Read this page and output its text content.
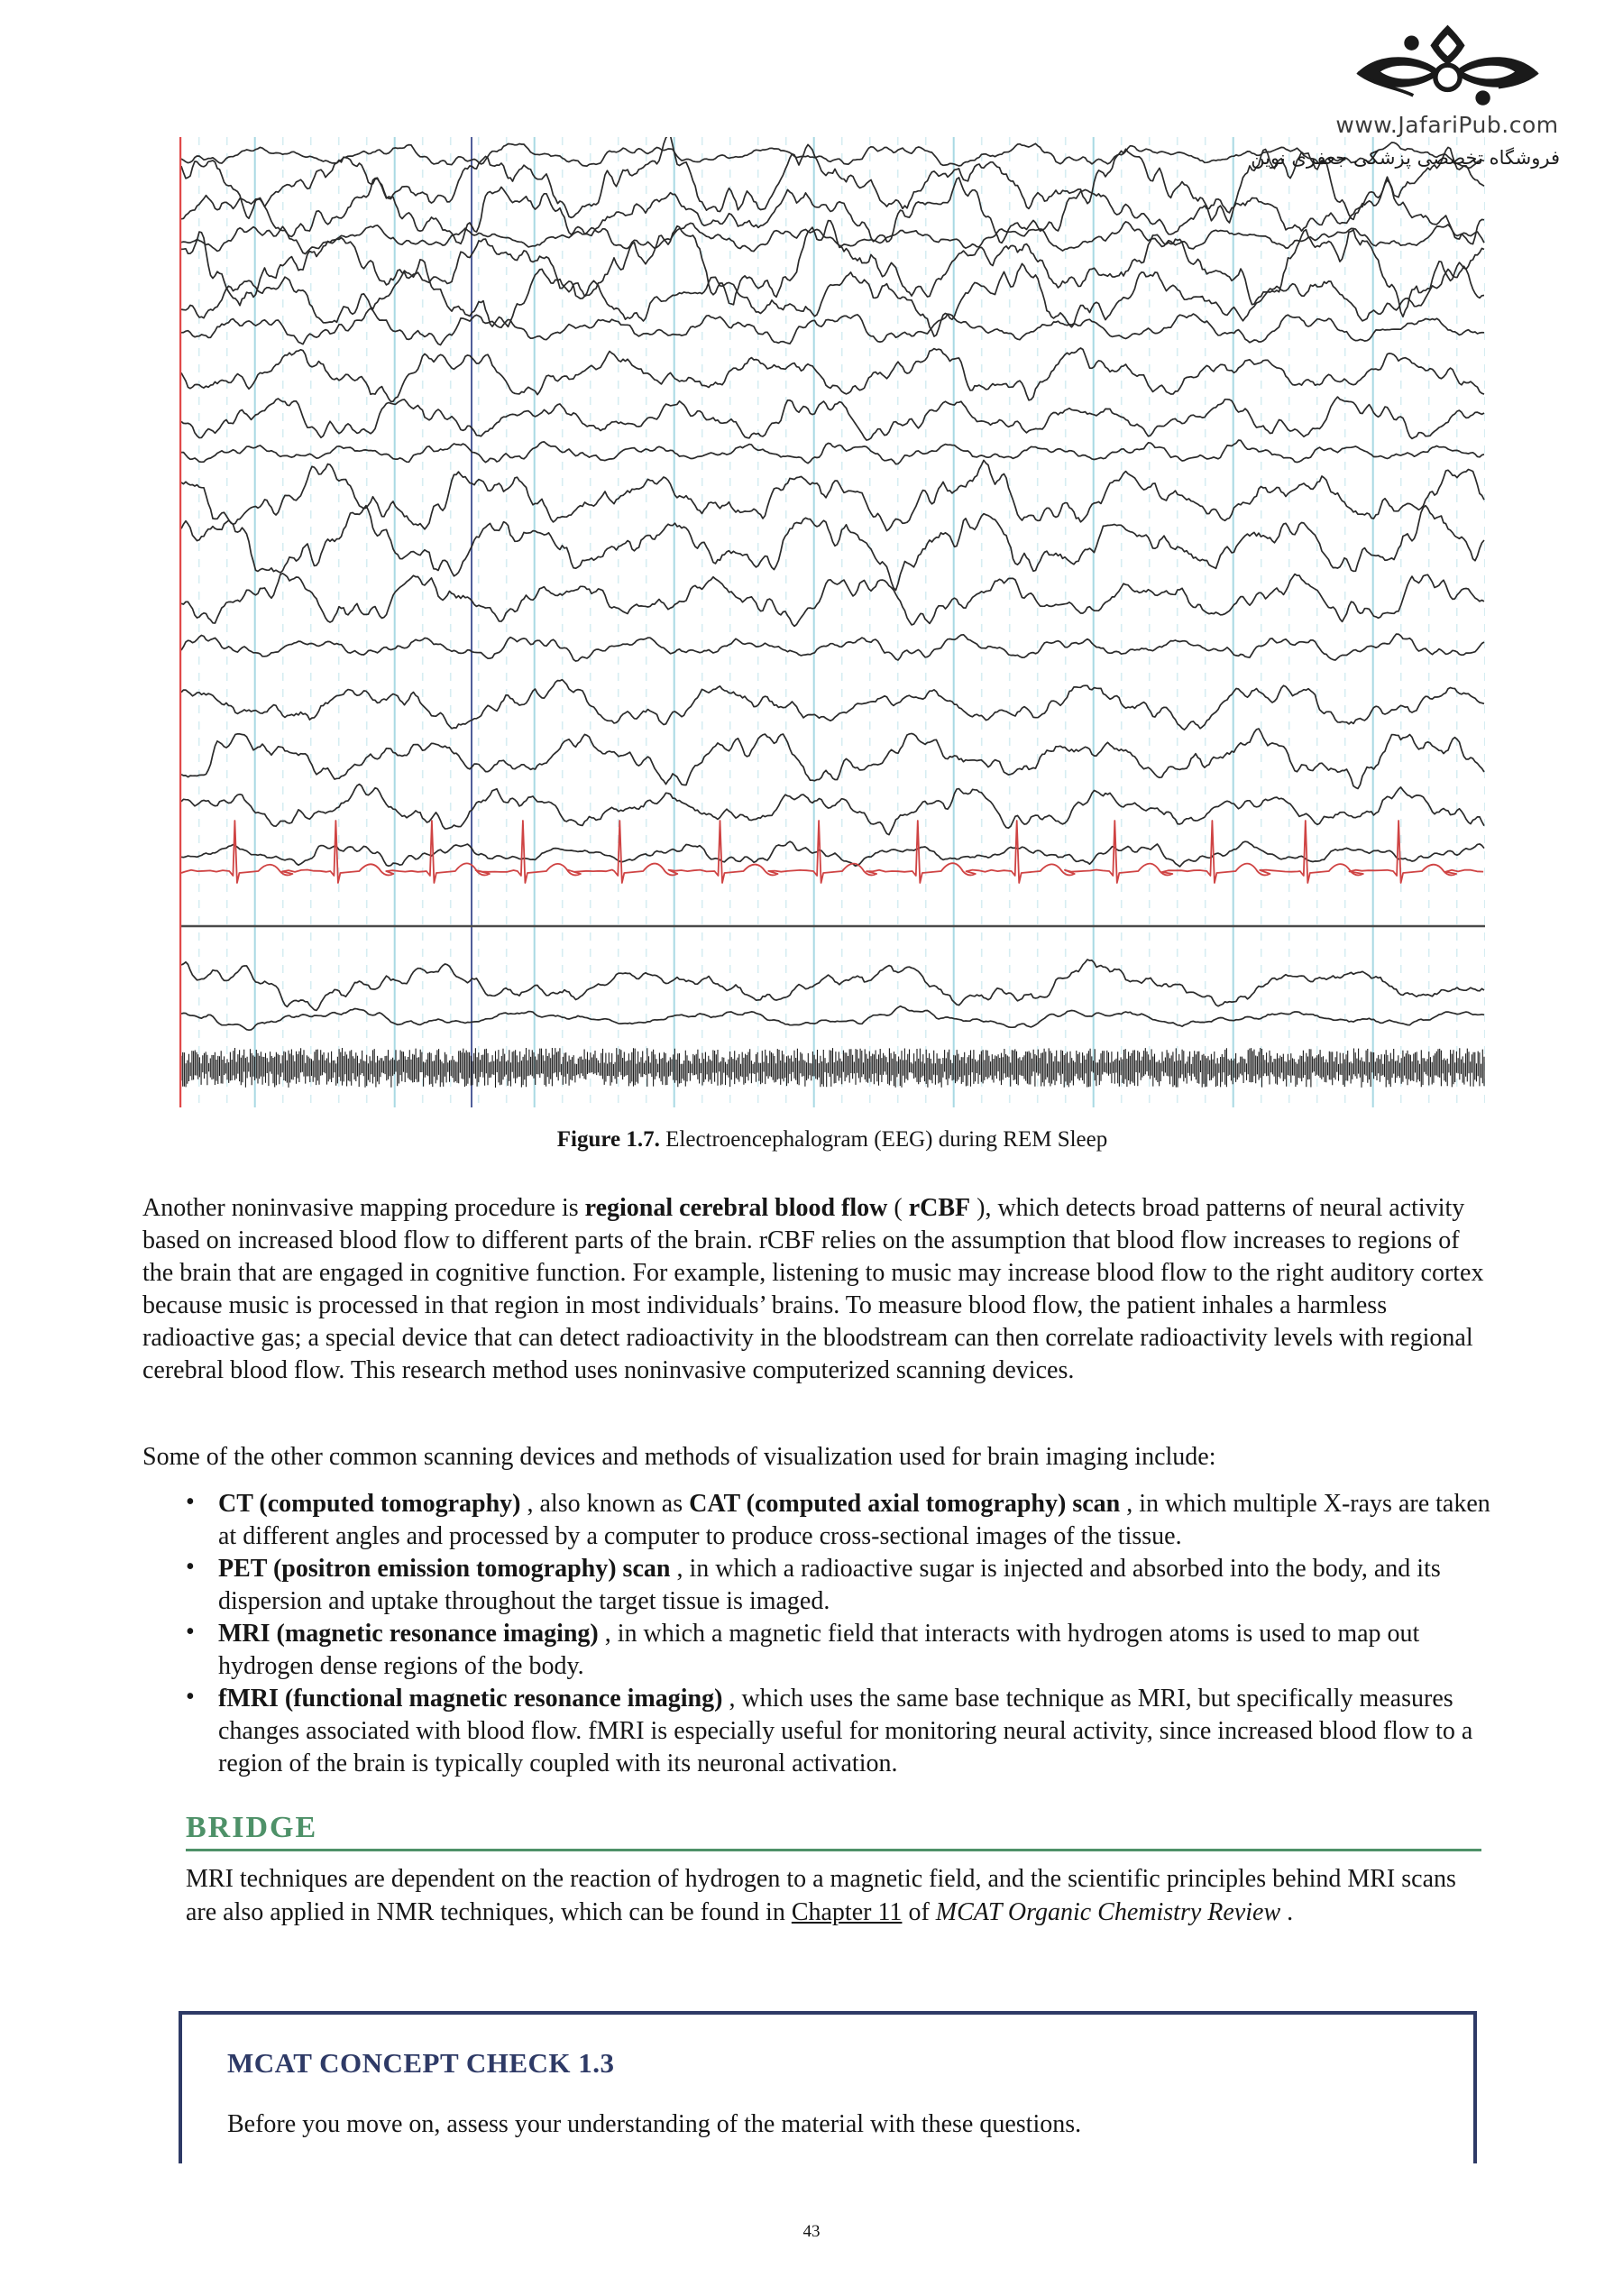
www.JafariPub.com
فروشگاه تخصصی پزشکی جعفری نوین
Figure 1.7. Electroencephalogram (EEG) during REM Sleep
Another noninvasive mapping procedure is regional cerebral blood flow ( rCBF ), which detects broad patterns of neural activity based on increased blood flow to different parts of the brain. rCBF relies on the assumption that blood flow increases to regions of the brain that are engaged in cognitive function. For example, listening to music may increase blood flow to the right auditory cortex because music is processed in that region in most individuals’ brains. To measure blood flow, the patient inhales a harmless radioactive gas; a special device that can detect radioactivity in the bloodstream can then correlate radioactivity levels with regional cerebral blood flow. This research method uses noninvasive computerized scanning devices.
Some of the other common scanning devices and methods of visualization used for brain imaging include:
• CT (computed tomography) , also known as CAT (computed axial tomography) scan , in which multiple X-rays are taken at different angles and processed by a computer to produce cross-sectional images of the tissue.
• PET (positron emission tomography) scan , in which a radioactive sugar is injected and absorbed into the body, and its dispersion and uptake throughout the target tissue is imaged.
• MRI (magnetic resonance imaging) , in which a magnetic field that interacts with hydrogen atoms is used to map out hydrogen dense regions of the body.
• fMRI (functional magnetic resonance imaging) , which uses the same base technique as MRI, but specifically measures changes associated with blood flow. fMRI is especially useful for monitoring neural activity, since increased blood flow to a region of the brain is typically coupled with its neuronal activation.
BRIDGE
MRI techniques are dependent on the reaction of hydrogen to a magnetic field, and the scientific principles behind MRI scans are also applied in NMR techniques, which can be found in Chapter 11 of MCAT Organic Chemistry Review .
MCAT CONCEPT CHECK 1.3
Before you move on, assess your understanding of the material with these questions.
43
